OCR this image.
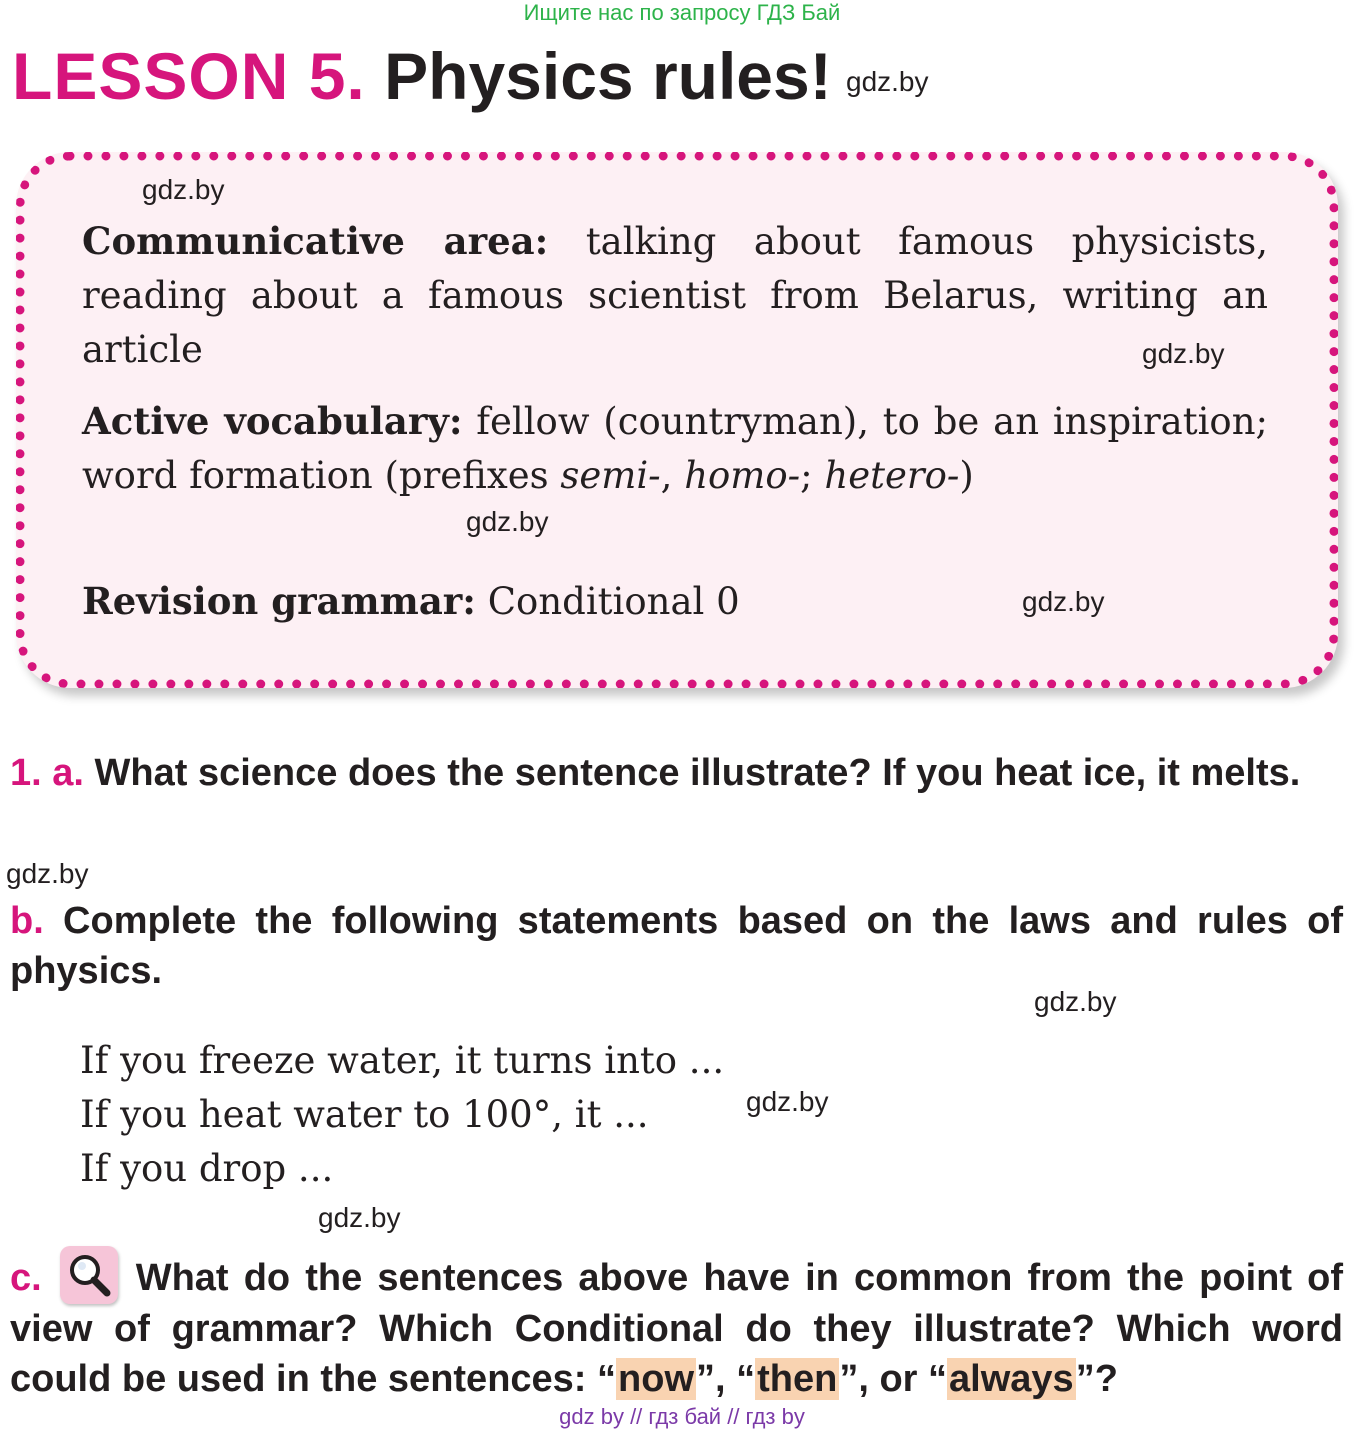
Ищите нас по запросу ГДЗ Бай
LESSON 5. Physics rules! gdz.by
gdz.by
Communicative area: talking about famous physicists, reading about a famous scientist from Belarus, writing an article	gdz.by
Active vocabulary: fellow (countryman), to be an inspiration; word formation (prefixes semi-, homo-; hetero-)
gdz.by
Revision grammar: Conditional 0	gdz.by
1. a. What science does the sentence illustrate? If you heat ice, it melts.
gdz.by
b. Complete the following statements based on the laws and rules of physics.
gdz.by
If you freeze water, it turns into ...
If you heat water to 100°, it ...
If you drop ...
gdz.by
gdz.by
c. What do the sentences above have in common from the point of view of grammar? Which Conditional do they illustrate? Which word could be used in the sentences: “now”, “then”, or “always”?
gdz by // гдз бай // гдз by
